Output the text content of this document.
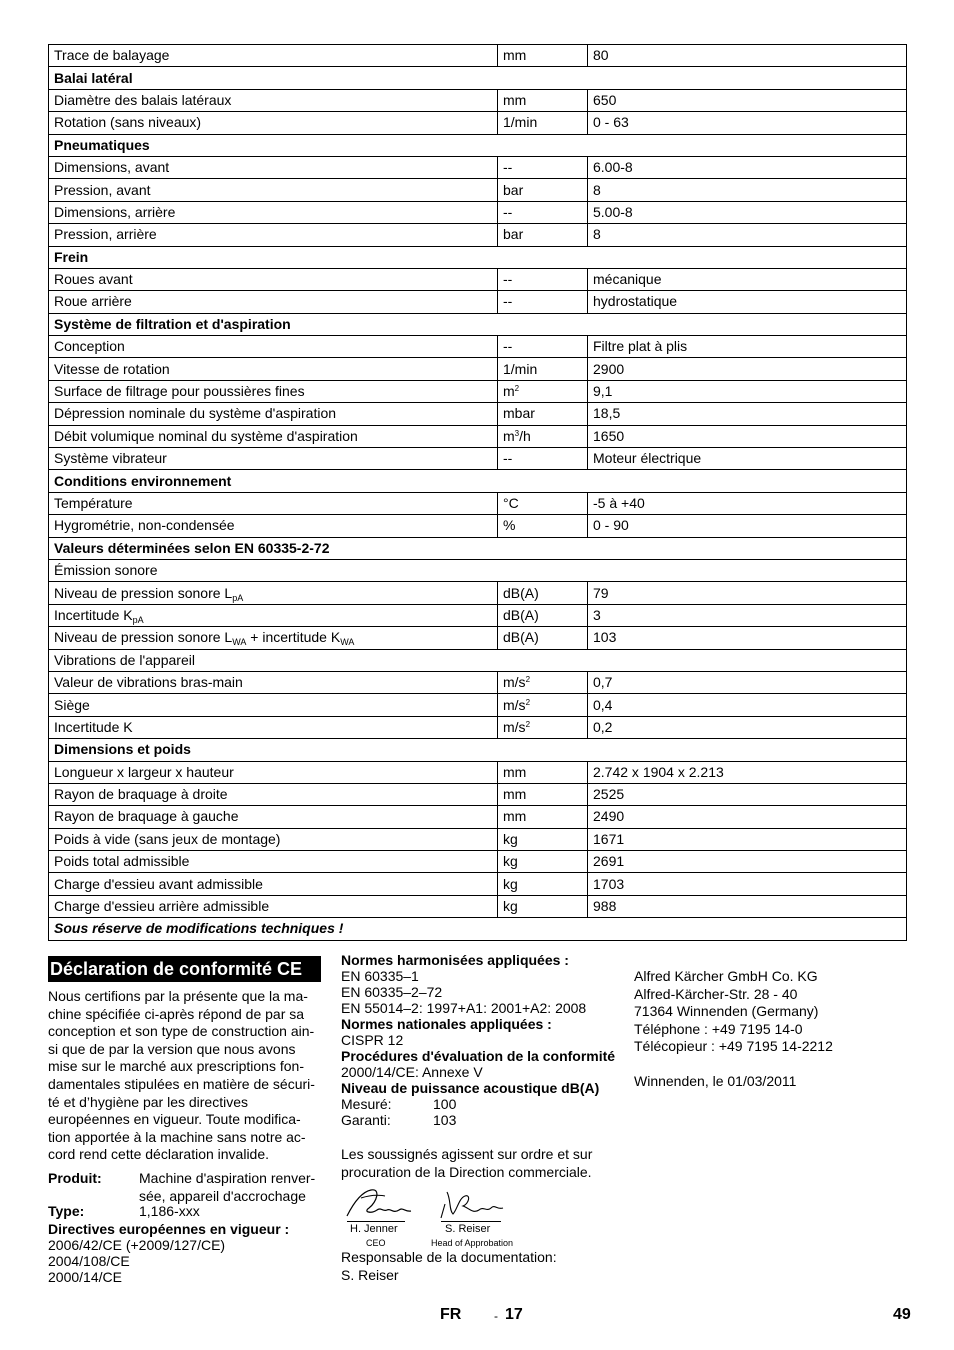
Trace de balayage	mm	80
Balai latéral		
Diamètre des balais latéraux	mm	650
Rotation (sans niveaux)	1/min	0 - 63
Pneumatiques		
Dimensions, avant	--	6.00-8
Pression, avant	bar	8
Dimensions, arrière	--	5.00-8
Pression, arrière	bar	8
Frein		
Roues avant	--	mécanique
Roue arrière	--	hydrostatique
Système de filtration et d'aspiration		
Conception	--	Filtre plat à plis
Vitesse de rotation	1/min	2900
Surface de filtrage pour poussières fines	$m^2$	9,1
Dépression nominale du système d'aspiration	mbar	18,5
Débit volumique nominal du système d'aspiration	$m^3/h$	1650
Système vibrateur	--	Moteur électrique
Conditions environnement		
Température	°C	-5 à +40
Hygrométrie, non-condensée	%	0 - 90
Valeurs déterminées selon EN 60335-2-72		
Émission sonore		
Niveau de pression sonore $L_{pA}$	dB(A)	79
Incertitude $K_{pA}$	dB(A)	3
Niveau de pression sonore $L_{WA}$ + incertitude $K_{WA}$	dB(A)	103
Vibrations de l'appareil		
Valeur de vibrations bras-main	$m/s^2$	0,7
Siège	$m/s^2$	0,4
Incertitude K	$m/s^2$	0,2
Dimensions et poids		
Longueur x largeur x hauteur	mm	2.742 x 1904 x 2.213
Rayon de braquage à droite	mm	2525
Rayon de braquage à gauche	mm	2490
Poids à vide (sans jeux de montage)	kg	1671
Poids total admissible	kg	2691
Charge d'essieu avant admissible	kg	1703
Charge d'essieu arrière admissible	kg	988
Sous réserve de modifications techniques !		
Déclaration de conformité CE
Nous certifions par la présente que la ma-
chine spécifiée ci-après répond de par sa
conception et son type de construction ain-
si que de par la version que nous avons
mise sur le marché aux prescriptions fon-
damentales stipulées en matière de sécuri-
té et d’hygiène par les directives
européennes en vigueur. Toute modifica-
tion apportée à la machine sans notre ac-
cord rend cette déclaration invalide.
Produit:	Machine d'aspiration renver-
sée, appareil d'accrochage
Type:	1,186-xxx
Directives européennes en vigueur :
2006/42/CE (+2009/127/CE)
2004/108/CE
2000/14/CE
Normes harmonisées appliquées :
EN 60335–1
EN 60335–2–72
EN 55014–2: 1997+A1: 2001+A2: 2008
Normes nationales appliquées :
CISPR 12
Procédures d'évaluation de la conformité
2000/14/CE: Annexe V
Niveau de puissance acoustique dB(A)
Mesuré:	100
Garanti:	103
Les soussignés agissent sur ordre et sur
procuration de la Direction commerciale.
H. Jenner
CEO
S. Reiser
Head of Approbation
Responsable de la documentation:
S. Reiser
Alfred Kärcher GmbH Co. KG
Alfred-Kärcher-Str. 28 - 40
71364 Winnenden (Germany)
Téléphone : +49 7195 14-0
Télécopieur : +49 7195 14-2212
Winnenden, le 01/03/2011
FR	- 17	49
